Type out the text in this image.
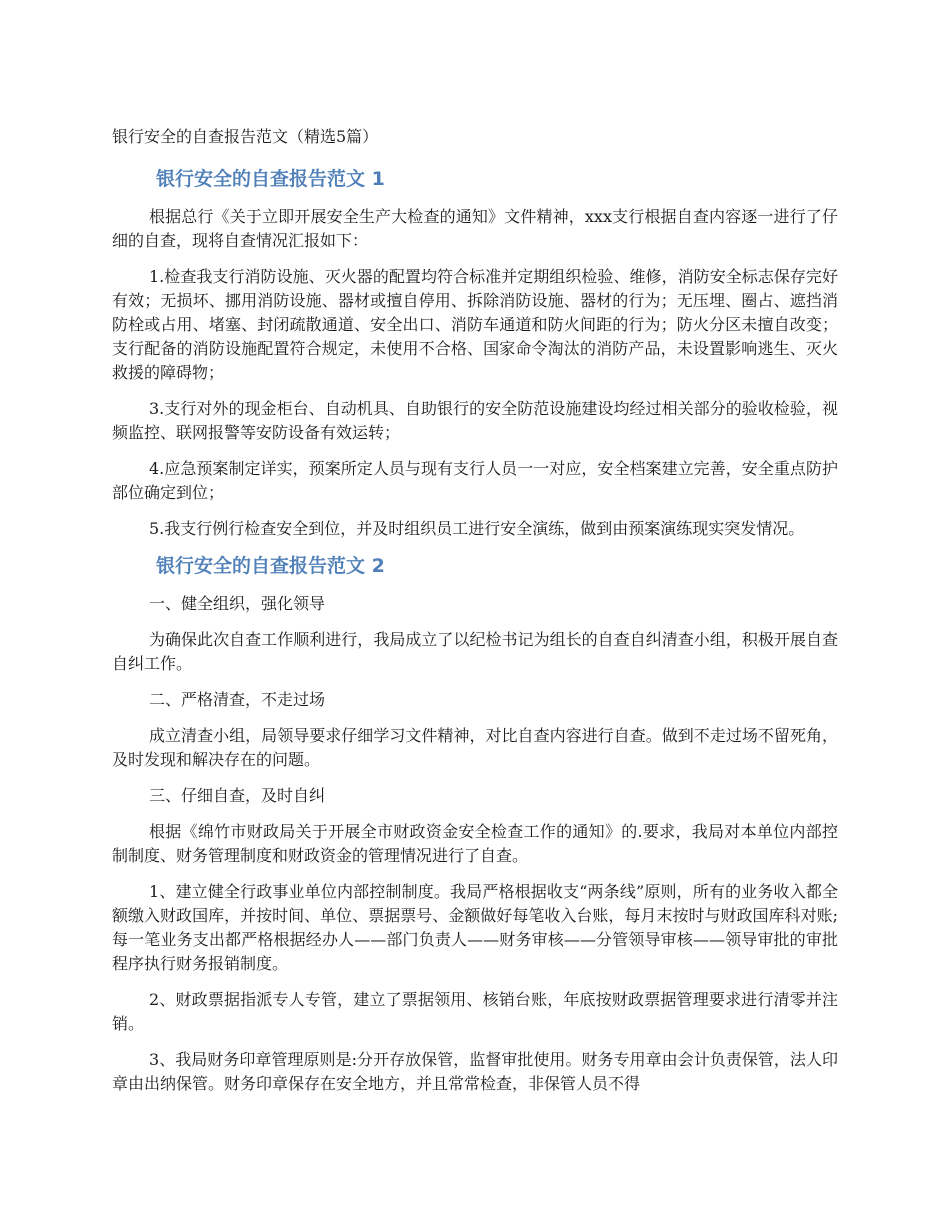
银行安全的自查报告范文（精选5篇）
银行安全的自查报告范文 1

根据总行《关于立即开展安全生产大检查的通知》文件精神，xxx支行根据自查内容逐一进行了仔细的自查，现将自查情况汇报如下：

1.检查我支行消防设施、灭火器的配置均符合标准并定期组织检验、维修，消防安全标志保存完好有效；无损坏、挪用消防设施、器材或擅自停用、拆除消防设施、器材的行为；无压埋、圈占、遮挡消防栓或占用、堵塞、封闭疏散通道、安全出口、消防车通道和防火间距的行为；防火分区未擅自改变；支行配备的消防设施配置符合规定，未使用不合格、国家命令淘汰的消防产品，未设置影响逃生、灭火救援的障碍物；

3.支行对外的现金柜台、自动机具、自助银行的安全防范设施建设均经过相关部分的验收检验，视频监控、联网报警等安防设备有效运转；

4.应急预案制定详实，预案所定人员与现有支行人员一一对应，安全档案建立完善，安全重点防护部位确定到位；

5.我支行例行检查安全到位，并及时组织员工进行安全演练，做到由预案演练现实突发情况。

银行安全的自查报告范文 2

一、健全组织，强化领导

为确保此次自查工作顺利进行，我局成立了以纪检书记为组长的自查自纠清查小组，积极开展自查自纠工作。

二、严格清查，不走过场

成立清查小组，局领导要求仔细学习文件精神，对比自查内容进行自查。做到不走过场不留死角，及时发现和解决存在的问题。

三、仔细自查，及时自纠

根据《绵竹市财政局关于开展全市财政资金安全检查工作的通知》的.要求，我局对本单位内部控制制度、财务管理制度和财政资金的管理情况进行了自查。

1、建立健全行政事业单位内部控制制度。我局严格根据收支“两条线”原则，所有的业务收入都全额缴入财政国库，并按时间、单位、票据票号、金额做好每笔收入台账，每月末按时与财政国库科对账;每一笔业务支出都严格根据经办人——部门负责人——财务审核——分管领导审核——领导审批的审批程序执行财务报销制度。

2、财政票据指派专人专管，建立了票据领用、核销台账，年底按财政票据管理要求进行清零并注销。

3、我局财务印章管理原则是:分开存放保管，监督审批使用。财务专用章由会计负责保管，法人印章由出纳保管。财务印章保存在安全地方，并且常常检查，非保管人员不得
